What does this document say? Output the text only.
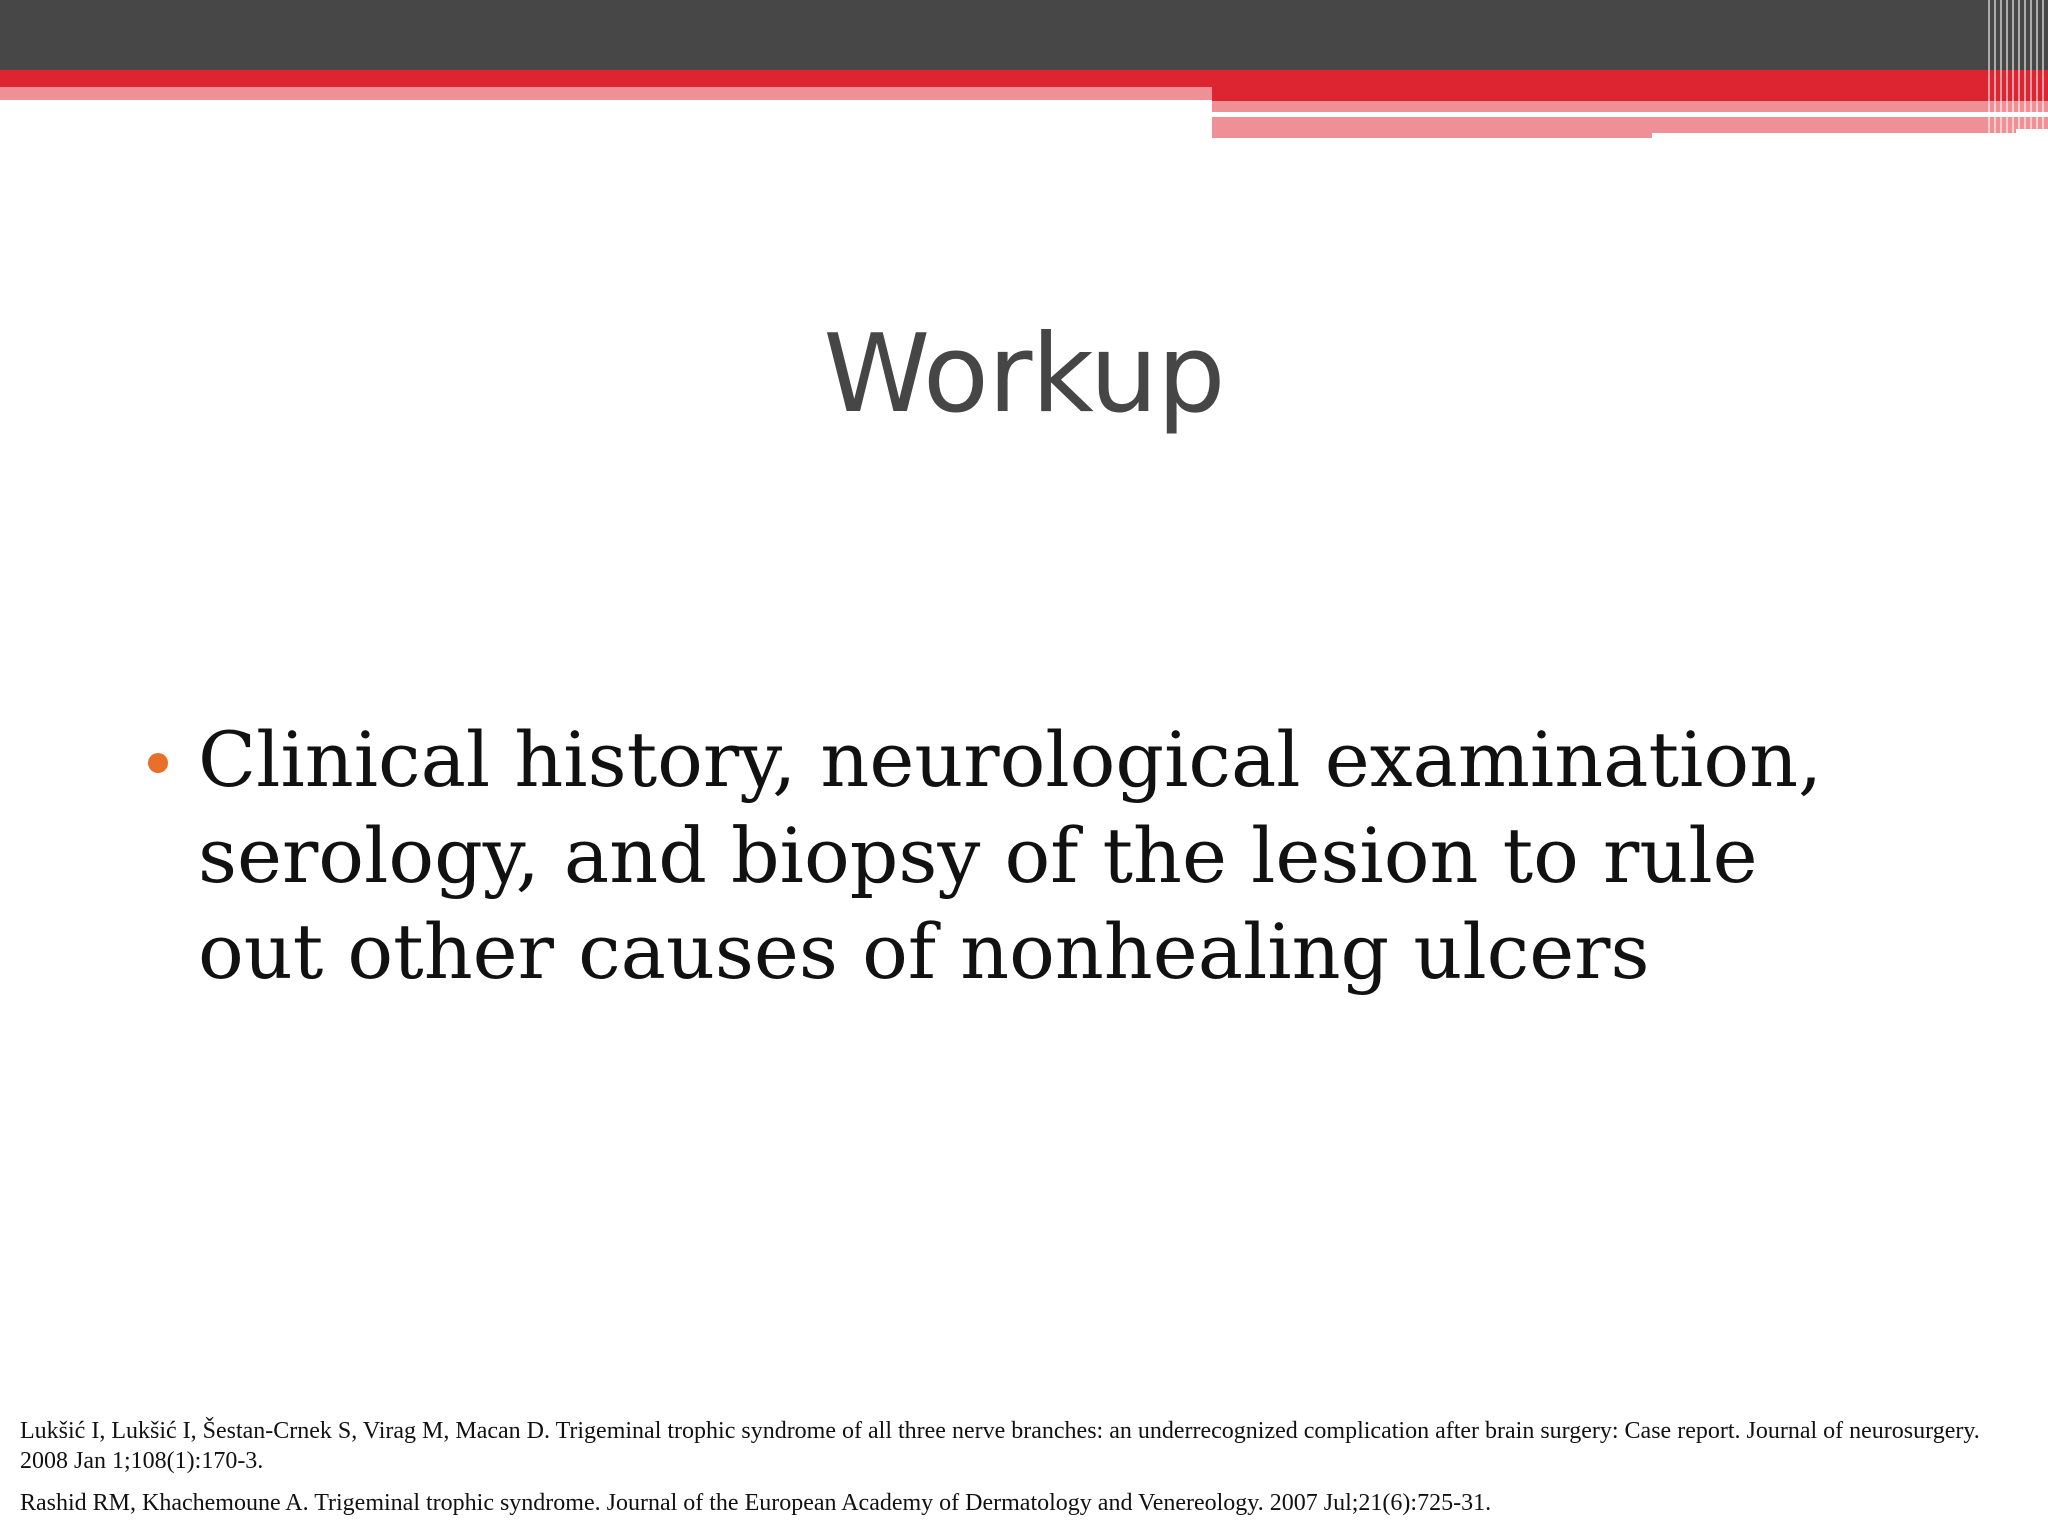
Workup
Clinical history, neurological examination, serology, and biopsy of the lesion to rule out other causes of nonhealing ulcers

Lukšić I, Lukšić I, Šestan-Crnek S, Virag M, Macan D. Trigeminal trophic syndrome of all three nerve branches: an underrecognized complication after brain surgery: Case report. Journal of neurosurgery. 2008 Jan 1;108(1):170-3.

Rashid RM, Khachemoune A. Trigeminal trophic syndrome. Journal of the European Academy of Dermatology and Venereology. 2007 Jul;21(6):725-31.
